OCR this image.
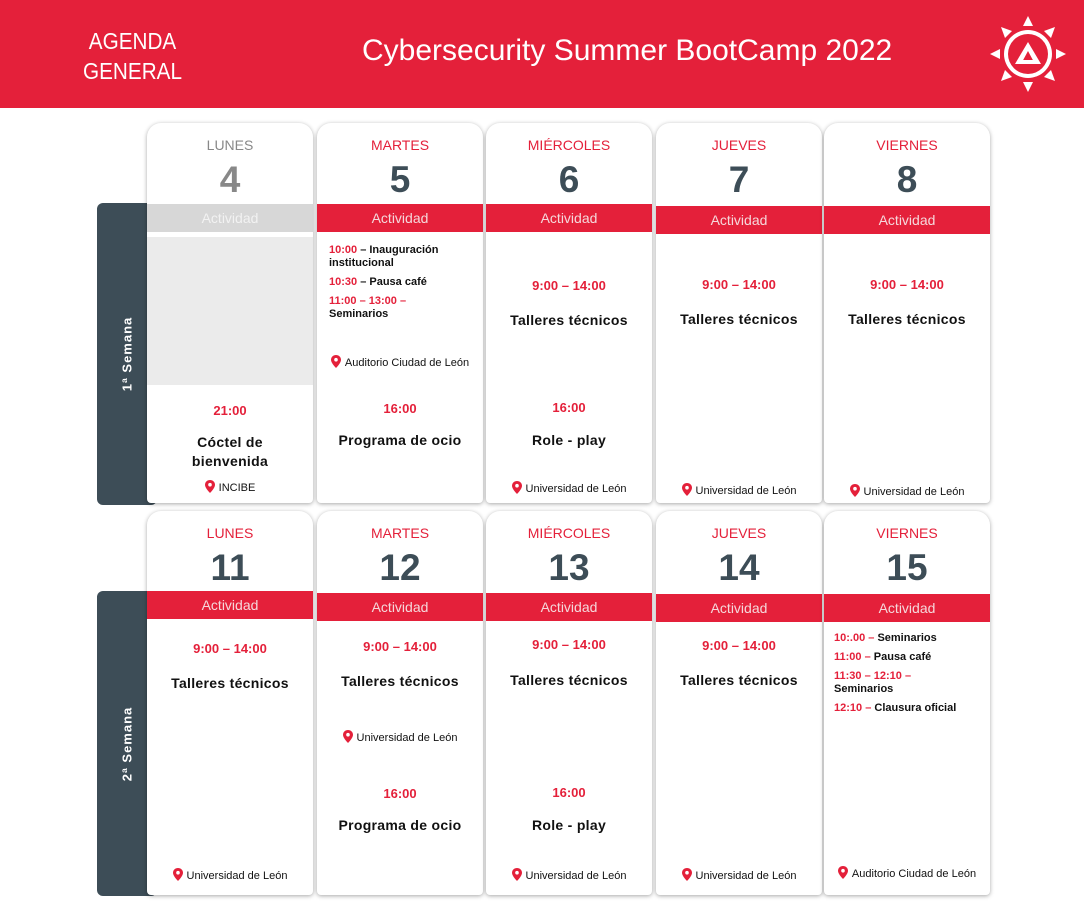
AGENDA
GENERAL
Cybersecurity Summer BootCamp 2022
1ª Semana
2ª Semana
LUNES
4
Actividad
21:00
Cóctel de bienvenida
INCIBE
MARTES
5
Actividad
10:00 – Inauguración institucional
10:30 – Pausa café
11:00 – 13:00 –
Seminarios
Auditorio Ciudad de León
16:00
Programa de ocio
MIÉRCOLES
6
Actividad
9:00 – 14:00
Talleres técnicos
16:00
Role - play
Universidad de León
JUEVES
7
Actividad
9:00 – 14:00
Talleres técnicos
Universidad de León
VIERNES
8
Actividad
9:00 – 14:00
Talleres técnicos
Universidad de León
LUNES
11
Actividad
9:00 – 14:00
Talleres técnicos
Universidad de León
MARTES
12
Actividad
9:00 – 14:00
Talleres técnicos
Universidad de León
16:00
Programa de ocio
MIÉRCOLES
13
Actividad
9:00 – 14:00
Talleres técnicos
16:00
Role - play
Universidad de León
JUEVES
14
Actividad
9:00 – 14:00
Talleres técnicos
Universidad de León
VIERNES
15
Actividad
10:.00 – Seminarios
11:00 – Pausa café
11:30 – 12:10 –
Seminarios
12:10 – Clausura oficial
Auditorio Ciudad de León
